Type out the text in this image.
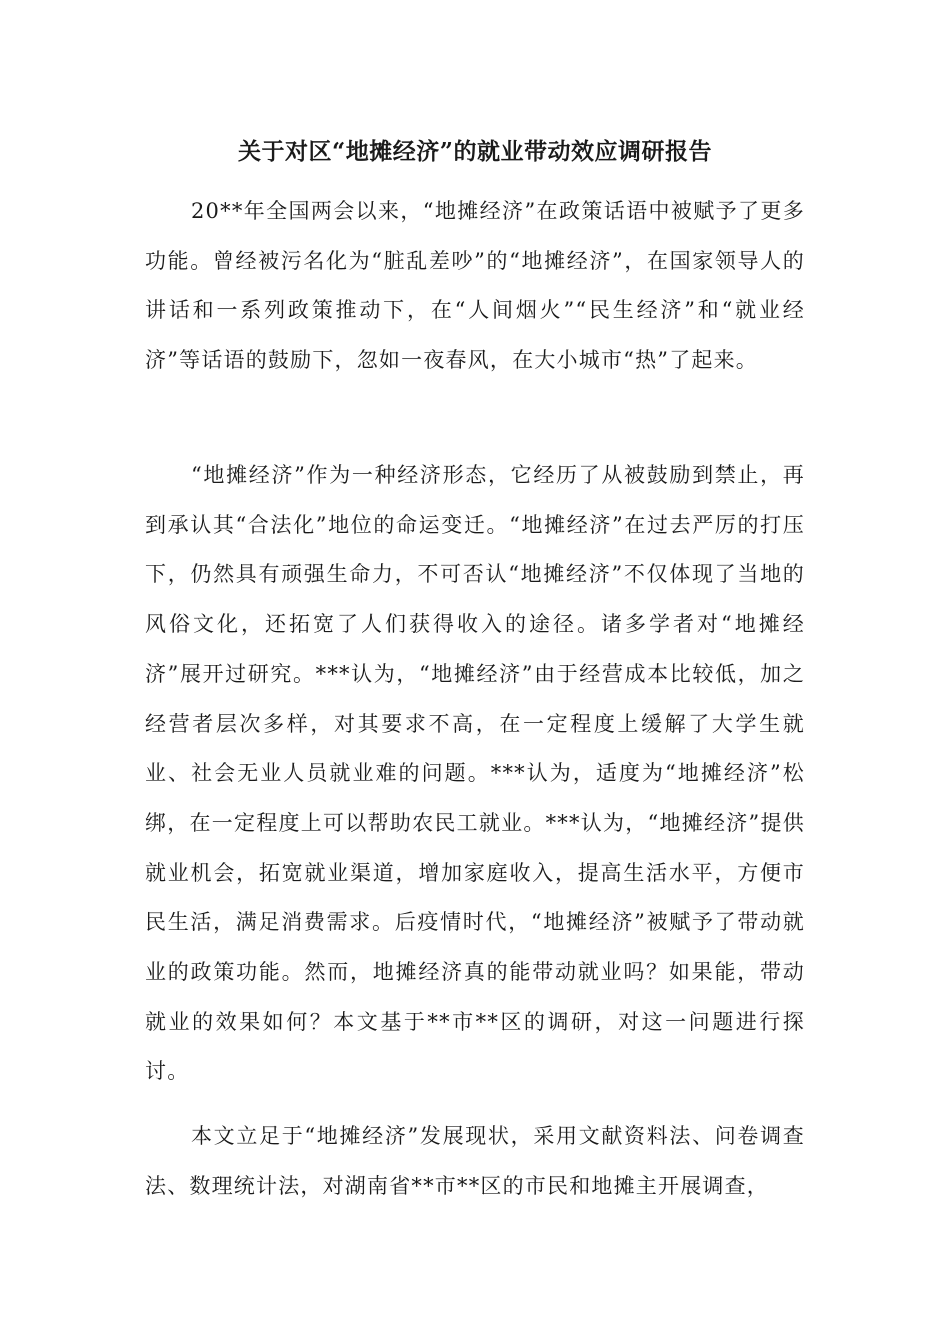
关于对区“地摊经济”的就业带动效应调研报告

20**年全国两会以来，“地摊经济”在政策话语中被赋予了更多功能。曾经被污名化为“脏乱差吵”的“地摊经济”，在国家领导人的讲话和一系列政策推动下，在“人间烟火”“民生经济”和“就业经济”等话语的鼓励下，忽如一夜春风，在大小城市“热”了起来。

“地摊经济”作为一种经济形态，它经历了从被鼓励到禁止，再到承认其“合法化”地位的命运变迁。“地摊经济”在过去严厉的打压下，仍然具有顽强生命力，不可否认“地摊经济”不仅体现了当地的风俗文化，还拓宽了人们获得收入的途径。诸多学者对“地摊经济”展开过研究。***认为，“地摊经济”由于经营成本比较低，加之经营者层次多样，对其要求不高，在一定程度上缓解了大学生就业、社会无业人员就业难的问题。***认为，适度为“地摊经济”松绑，在一定程度上可以帮助农民工就业。***认为，“地摊经济”提供就业机会，拓宽就业渠道，增加家庭收入，提高生活水平，方便市民生活，满足消费需求。后疫情时代，“地摊经济”被赋予了带动就业的政策功能。然而，地摊经济真的能带动就业吗？如果能，带动就业的效果如何？本文基于**市**区的调研，对这一问题进行探讨。

本文立足于“地摊经济”发展现状，采用文献资料法、问卷调查法、数理统计法，对湖南省**市**区的市民和地摊主开展调查，
